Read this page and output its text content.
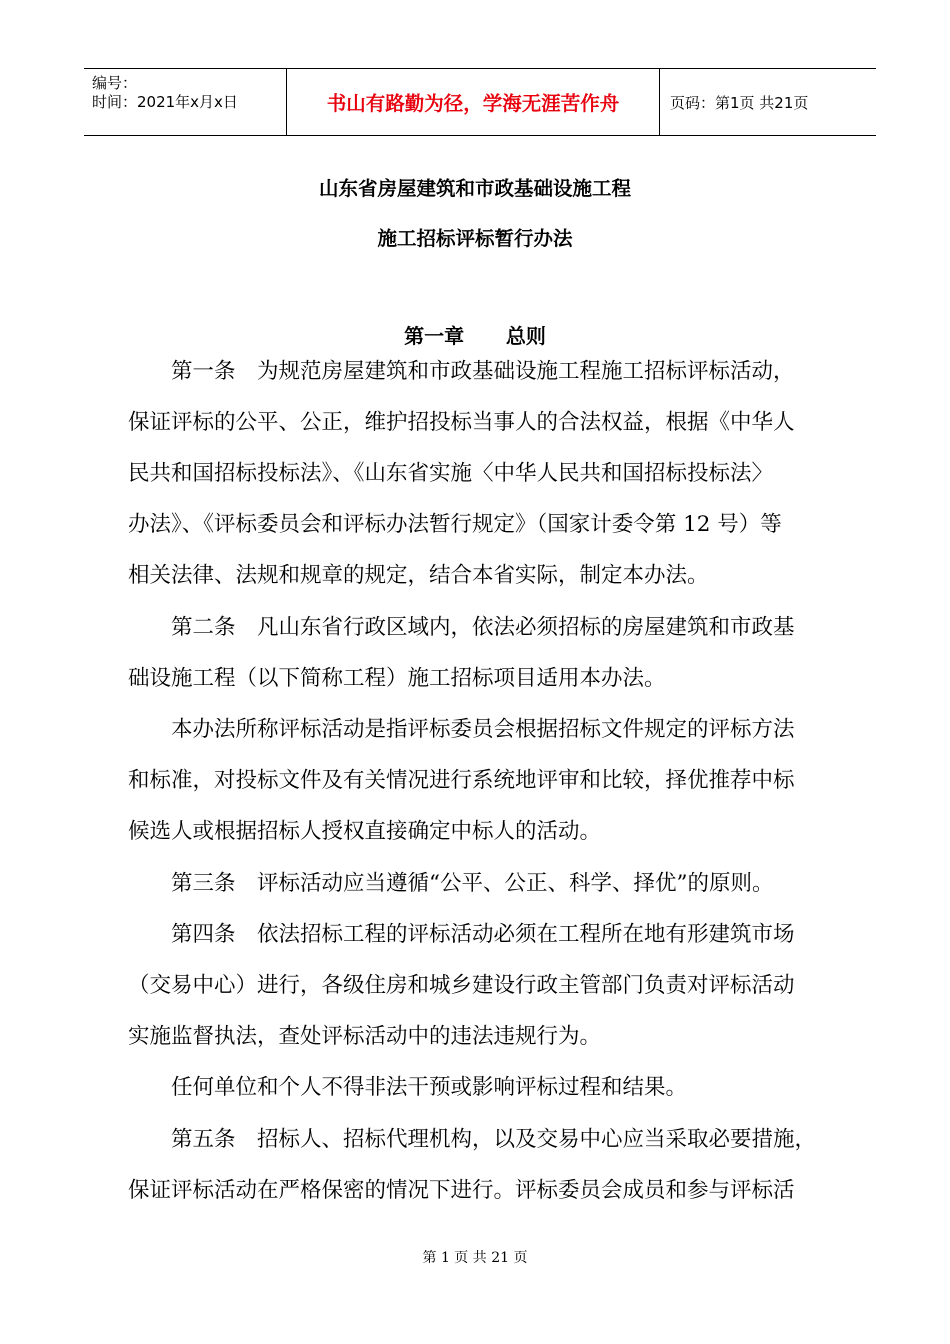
编号：
时间：2021年x月x日	书山有路勤为径，学海无涯苦作舟	页码：第1页 共21页
山东省房屋建筑和市政基础设施工程
施工招标评标暂行办法
第一章      总则
　　第一条　为规范房屋建筑和市政基础设施工程施工招标评标活动，
保证评标的公平、公正，维护招投标当事人的合法权益，根据《中华人
民共和国招标投标法》、《山东省实施〈中华人民共和国招标投标法〉
办法》、《评标委员会和评标办法暂行规定》（国家计委令第 12 号）等
相关法律、法规和规章的规定，结合本省实际，制定本办法。
　　第二条　凡山东省行政区域内，依法必须招标的房屋建筑和市政基
础设施工程（以下简称工程）施工招标项目适用本办法。
　　本办法所称评标活动是指评标委员会根据招标文件规定的评标方法
和标准，对投标文件及有关情况进行系统地评审和比较，择优推荐中标
候选人或根据招标人授权直接确定中标人的活动。
　　第三条　评标活动应当遵循“公平、公正、科学、择优”的原则。
　　第四条　依法招标工程的评标活动必须在工程所在地有形建筑市场
（交易中心）进行，各级住房和城乡建设行政主管部门负责对评标活动
实施监督执法，查处评标活动中的违法违规行为。
　　任何单位和个人不得非法干预或影响评标过程和结果。
　　第五条　招标人、招标代理机构，以及交易中心应当采取必要措施，
保证评标活动在严格保密的情况下进行。评标委员会成员和参与评标活
第 1 页 共 21 页
